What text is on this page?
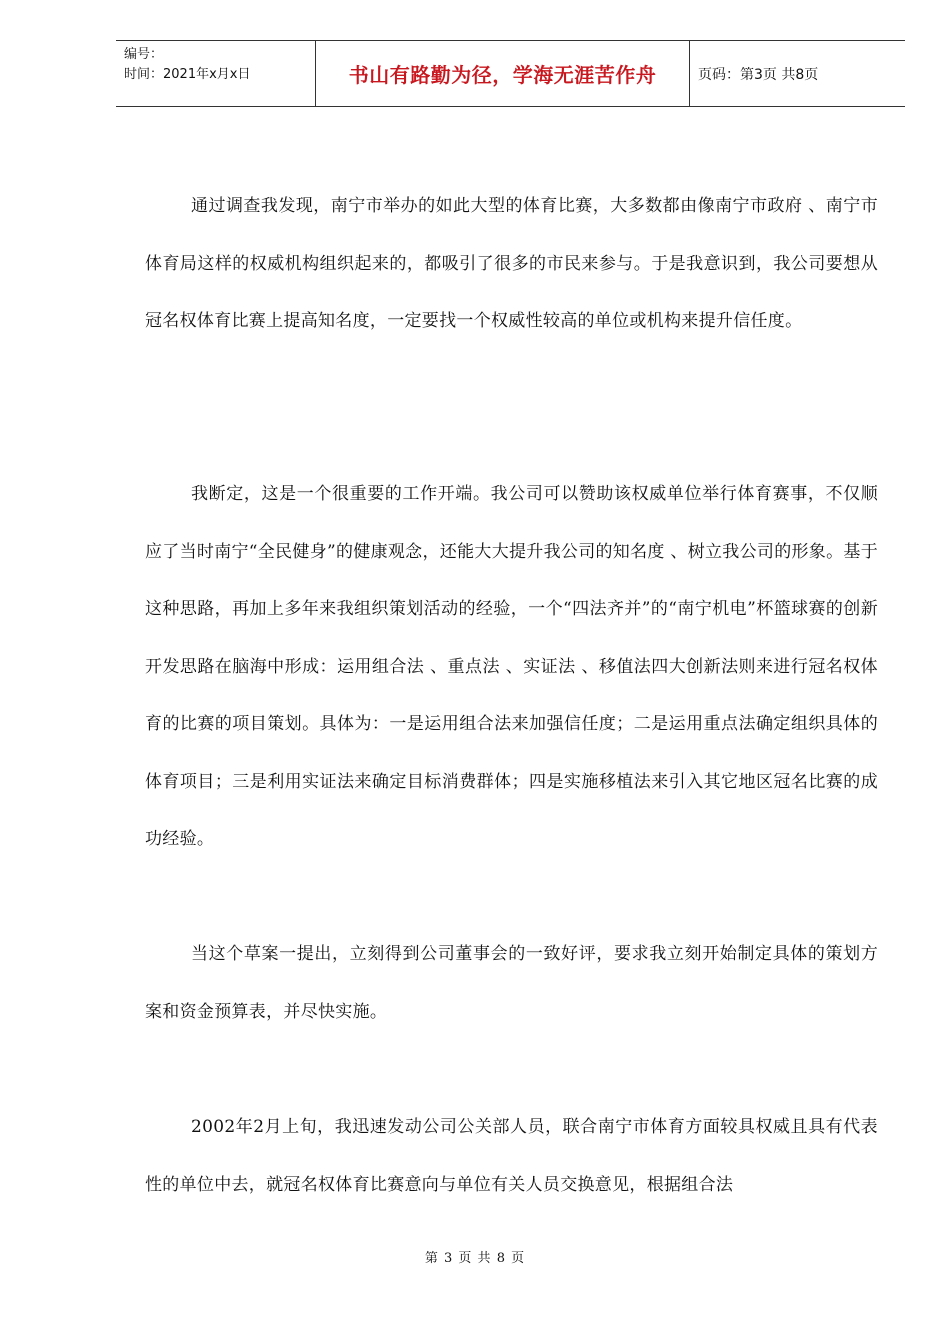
编号：
时间：2021年x月x日	书山有路勤为径，学海无涯苦作舟	页码：第3页 共8页

通过调查我发现，南宁市举办的如此大型的体育比赛，大多数都由像南宁市政府 、南宁市体育局这样的权威机构组织起来的，都吸引了很多的市民来参与。于是我意识到，我公司要想从冠名权体育比赛上提高知名度，一定要找一个权威性较高的单位或机构来提升信任度。

我断定，这是一个很重要的工作开端。我公司可以赞助该权威单位举行体育赛事，不仅顺应了当时南宁“全民健身”的健康观念，还能大大提升我公司的知名度 、树立我公司的形象。基于这种思路，再加上多年来我组织策划活动的经验，一个“四法齐并”的“南宁机电”杯篮球赛的创新开发思路在脑海中形成：运用组合法 、重点法 、实证法 、移值法四大创新法则来进行冠名权体育的比赛的项目策划。具体为：一是运用组合法来加强信任度；二是运用重点法确定组织具体的体育项目；三是利用实证法来确定目标消费群体；四是实施移植法来引入其它地区冠名比赛的成功经验。

当这个草案一提出，立刻得到公司董事会的一致好评，要求我立刻开始制定具体的策划方案和资金预算表，并尽快实施。

2002年2月上旬，我迅速发动公司公关部人员，联合南宁市体育方面较具权威且具有代表性的单位中去，就冠名权体育比赛意向与单位有关人员交换意见，根据组合法

第 3 页 共 8 页
